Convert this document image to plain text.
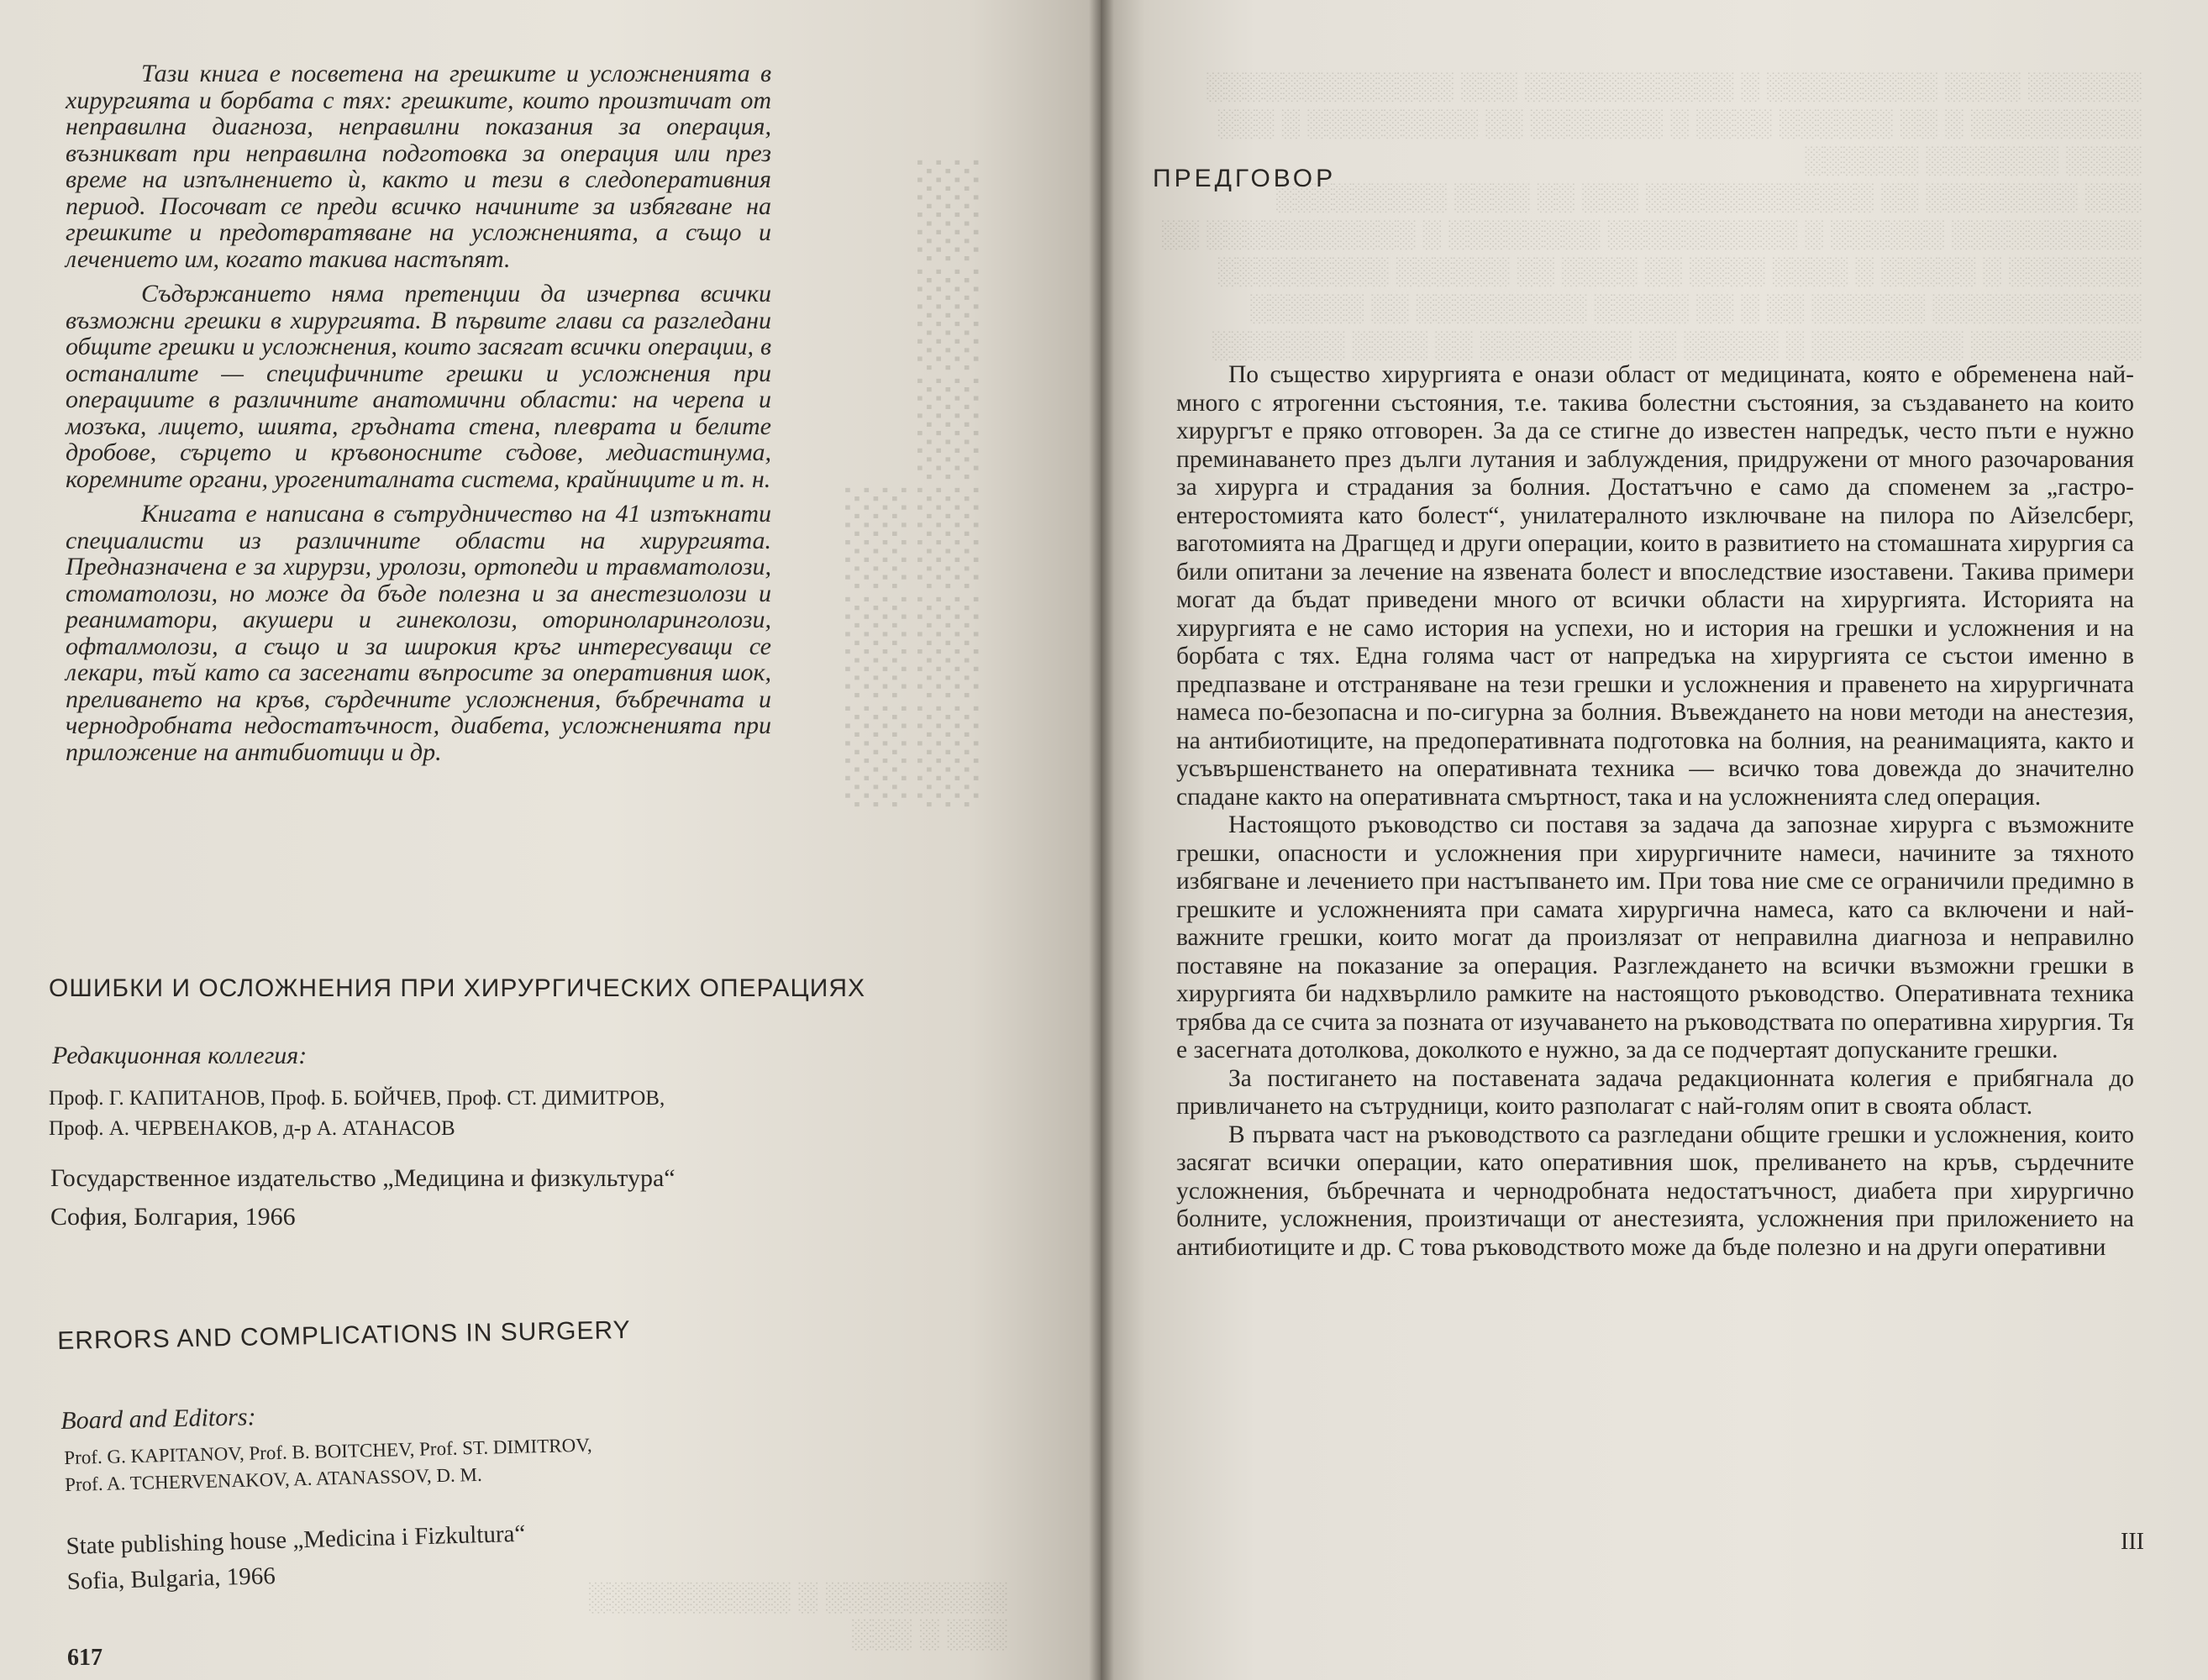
░░░░░░ ░░░░ ░░░░░░░░░ ░ ░░░░░░░░░░░ ░░░ ░░░░░░░░░░░░░
░░░░░░░░░ ░ ░░ ░░░░░░ ░░░░ ░ ░░░░░░░ ░░ ░░░░░░░░░ ░ ░░░
░░░░ ░░░░░░░ ░░░░░░
░░░ ░░░░░░░░ ░░ ░░░░░░░░░░░░ ░░░ ░░ ░░░░ ░░░░░░░░░
░░░░░░░░░░ ░░░░░░ ░ ░░░░░░░░░░ ░░░░░░░░ ░ ░░░░░░░░░░░ ░░
░░░░░░░ ░ ░░░░░ ░ ░░░░ ░░░░ ░░ ░░░░ ░░ ░░░░░░ ░░░░░░░░░
░░░░░░░░░░░ ░░░░░░ ░░ ░ ░░ ░░░░░ ░░░░░░░░░ ░░ ░░░░░░
░░░░░░░░░ ░░░░░░░░ ░ ░░░░░ ░░ ░░░░░░░░ ░░ ░░░░ ░░░░░░░
░
░
░
░░
░░
░░
░░░░░░░░░ ░ ░░░░░░░░░░
░░░ ░ ░░░

Тази книга е посветена на грешките и усложненията в хирургията и борбата с тях: грешките, които произтичат от неправилна диагноза, неправилни показания за операция, възникват при неправилна подготовка за операция или през време на изпълнението ѝ, както и тези в следоперативния период. Посочват се преди всичко начините за избягване на грешките и предотвратяване на усложненията, а също и лечението им, когато такива настъпят.

Съдържанието няма претенции да изчерпва всички възможни грешки в хирургията. В първите глави са разгледани общите грешки и усложнения, които засягат всички операции, в останалите — специфичните грешки и усложнения при операциите в различните анатомични области: на черепа и мозъка, лицето, шията, гръдната стена, плеврата и белите дробове, сърцето и кръвоносните съдове, медиастинума, коремните органи, урогениталната система, крайниците и т. н.

Книгата е написана в сътрудничество на 41 изтъкнати специалисти из различните области на хирургията. Предназначена е за хирурзи, уролози, ортопеди и травматолози, стоматолози, но може да бъде полезна и за анестезиолози и реаниматори, акушери и гинеколози, оториноларинголози, офталмолози, а също и за широкия кръг интересуващи се лекари, тъй като са засегнати въпросите за оперативния шок, преливането на кръв, сърдечните усложнения, бъбречната и чернодробната недостатъчност, диабета, усложненията при приложение на антибиотици и др.

ОШИБКИ И ОСЛОЖНЕНИЯ ПРИ ХИРУРГИЧЕСКИХ ОПЕРАЦИЯХ
Редакционная коллегия:
Проф. Г. КАПИТАНОВ, Проф. Б. БОЙЧЕВ, Проф. СТ. ДИМИТРОВ,
Проф. А. ЧЕРВЕНАКОВ, д-р А. АТАНАСОВ
Государственное издательство „Медицина и физкультура“
София, Болгария, 1966
ERRORS AND COMPLICATIONS IN SURGERY
Board and Editors:
Prof. G. KAPITANOV, Prof. B. BOITCHEV, Prof. ST. DIMITROV,
Prof. A. TCHERVENAKOV, A. ATANASSOV, D. M.
State publishing house „Medicina i Fizkultura“
Sofia, Bulgaria, 1966
617
ПРЕДГОВОР

По същество хирургията е онази област от медицината, която е обременена най-много с ятрогенни състояния, т.е. такива болестни състояния, за създаването на които хирургът е пряко отговорен. За да се стигне до известен напредък, често пъти е нужно преминаването през дълги лутания и заблуждения, придружени от много разочарования за хирурга и страдания за болния. Достатъчно е само да споменем за „гастро-ентеростомията като болест“, унилатералното изключване на пилора по Айзелсберг, ваготомията на Драгщед и други операции, които в развитието на стомашната хирургия са били опитани за лечение на язвената болест и впоследствие изоставени. Такива примери могат да бъдат приведени много от всички области на хирургията. Историята на хирургията е не само история на успехи, но и история на грешки и усложнения и на борбата с тях. Една голяма част от напредъка на хирургията се състои именно в предпазване и отстраняване на тези грешки и усложнения и правенето на хирургичната намеса по-безопасна и по-сигурна за болния. Въвеждането на нови методи на анестезия, на антибиотиците, на предоперативната подготовка на болния, на реанимацията, както и усъвършенстването на оперативната техника — всичко това довежда до значително спадане както на оперативната смъртност, така и на усложненията след операция.

Настоящото ръководство си поставя за задача да запознае хирурга с възможните грешки, опасности и усложнения при хирургичните намеси, начините за тяхното избягване и лечението при настъпването им. При това ние сме се ограничили предимно в грешките и усложненията при самата хирургична намеса, като са включени и най-важните грешки, които могат да произлязат от неправилна диагноза и неправилно поставяне на показание за операция. Разглеждането на всички възможни грешки в хирургията би надхвърлило рамките на настоящото ръководство. Оперативната техника трябва да се счита за позната от изучаването на ръководствата по оперативна хирургия. Тя е засегната дотолкова, доколкото е нужно, за да се подчертаят допусканите грешки.

За постигането на поставената задача редакционната колегия е прибягнала до привличането на сътрудници, които разполагат с най-голям опит в своята област.

В първата част на ръководството са разгледани общите грешки и усложнения, които засягат всички операции, като оперативния шок, преливането на кръв, сърдечните усложнения, бъбречната и чернодробната недостатъчност, диабета при хирургично болните, усложнения, произтичащи от анестезията, усложнения при приложението на антибиотиците и др. С това ръководството може да бъде полезно и на други оперативни

III
